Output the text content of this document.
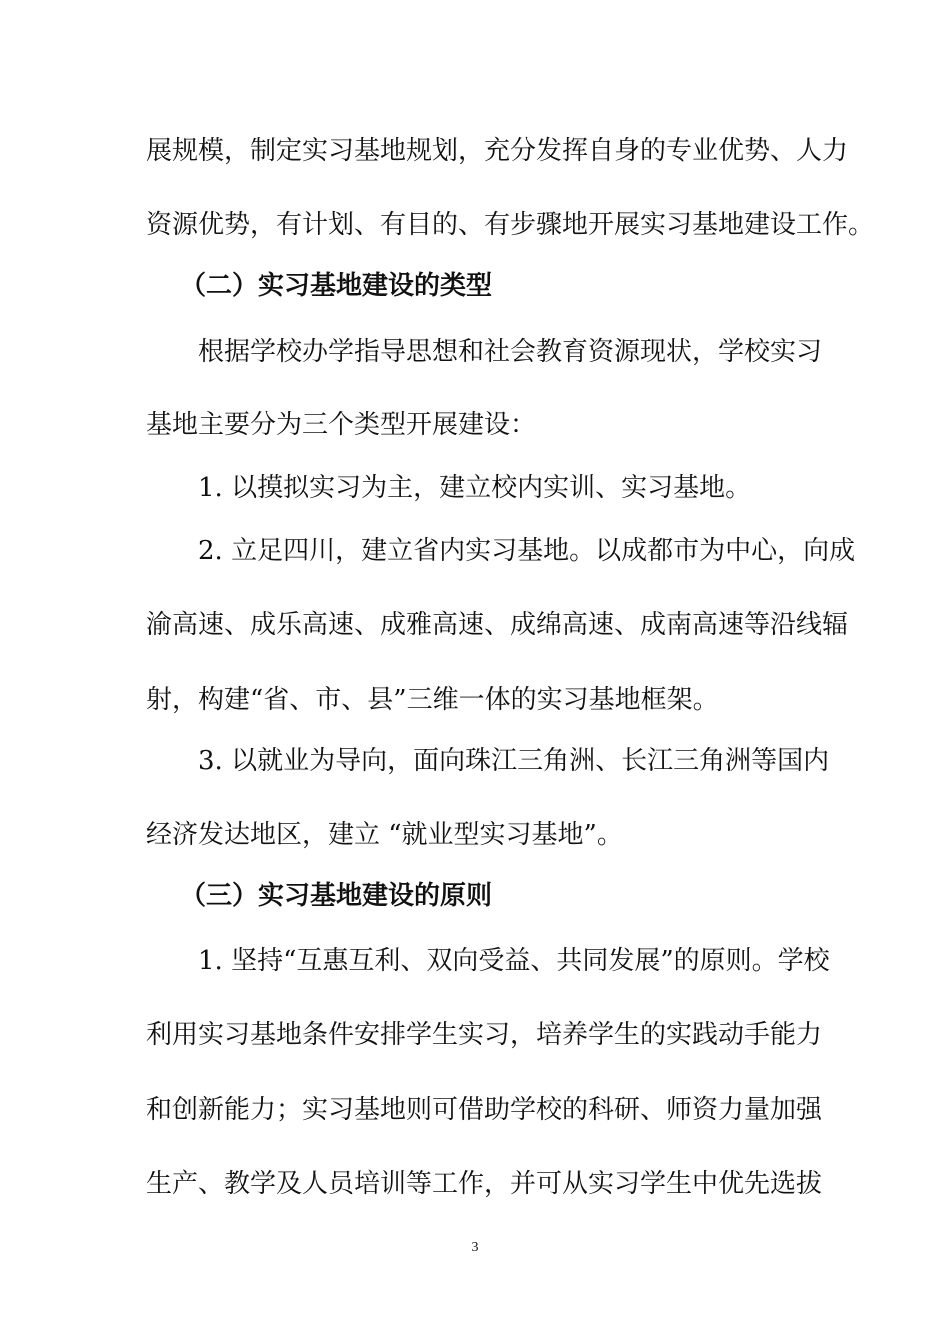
展规模，制定实习基地规划，充分发挥自身的专业优势、人力
资源优势，有计划、有目的、有步骤地开展实习基地建设工作。
（二）实习基地建设的类型
根据学校办学指导思想和社会教育资源现状，学校实习
基地主要分为三个类型开展建设：
1. 以摸拟实习为主，建立校内实训、实习基地。
2. 立足四川，建立省内实习基地。以成都市为中心，向成
渝高速、成乐高速、成雅高速、成绵高速、成南高速等沿线辐
射，构建“省、市、县”三维一体的实习基地框架。
3. 以就业为导向，面向珠江三角洲、长江三角洲等国内
经济发达地区，建立 “就业型实习基地”。
（三）实习基地建设的原则
1. 坚持“互惠互利、双向受益、共同发展”的原则。学校
利用实习基地条件安排学生实习，培养学生的实践动手能力
和创新能力；实习基地则可借助学校的科研、师资力量加强
生产、教学及人员培训等工作，并可从实习学生中优先选拔
3
